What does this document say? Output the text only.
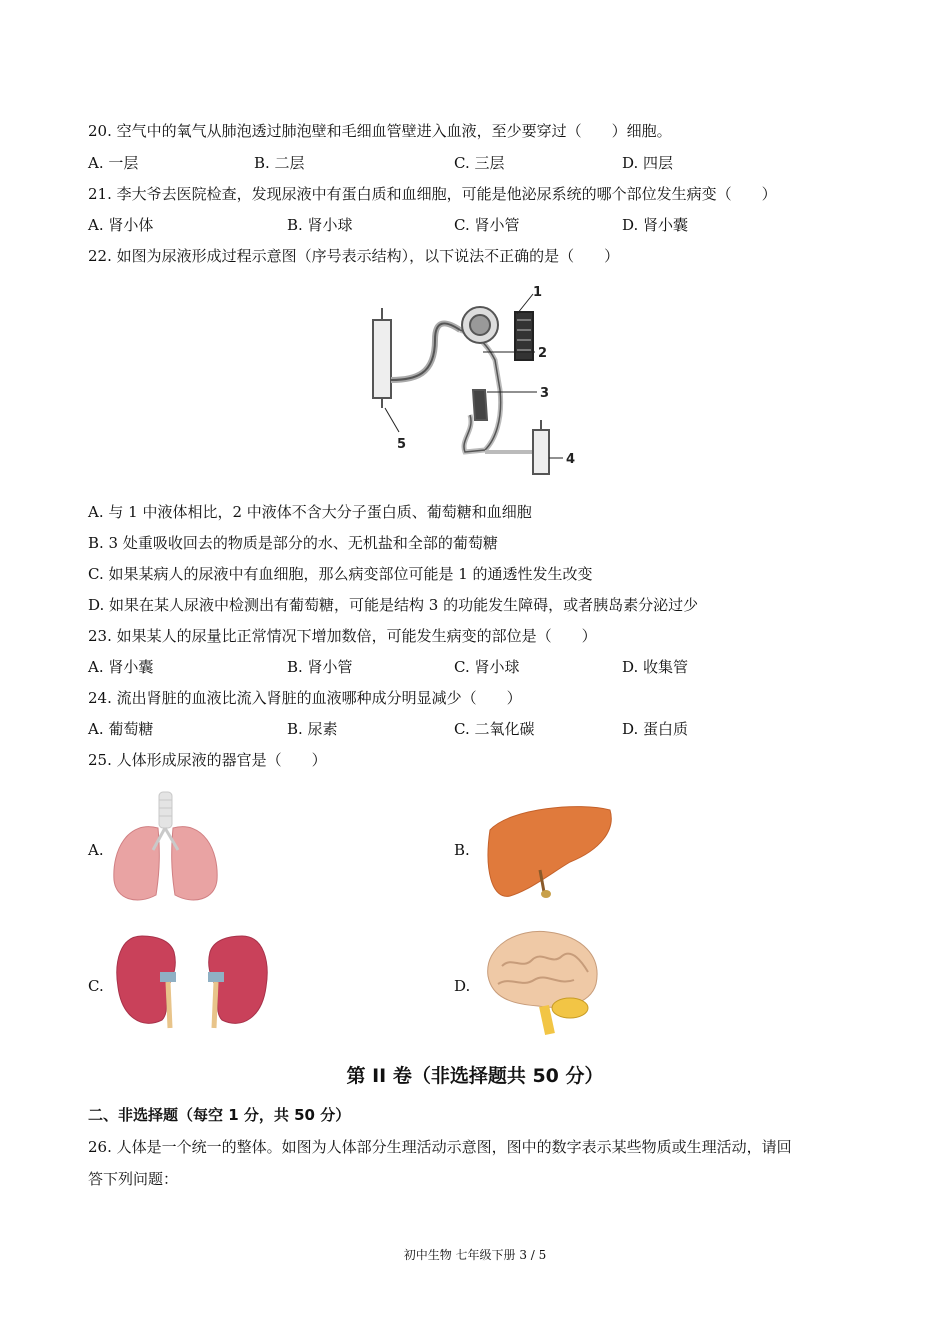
20. 空气中的氧气从肺泡透过肺泡壁和毛细血管壁进入血液，至少要穿过（　　）细胞。
A. 一层	B. 二层	C. 三层	D. 四层
21. 李大爷去医院检查，发现尿液中有蛋白质和血细胞，可能是他泌尿系统的哪个部位发生病变（　　）
A. 肾小体	B. 肾小球	C. 肾小管	D. 肾小囊
22. 如图为尿液形成过程示意图（序号表示结构），以下说法不正确的是（　　）
1
2
3
4
5
A. 与 1 中液体相比，2 中液体不含大分子蛋白质、葡萄糖和血细胞
B. 3 处重吸收回去的物质是部分的水、无机盐和全部的葡萄糖
C. 如果某病人的尿液中有血细胞，那么病变部位可能是 1 的通透性发生改变
D. 如果在某人尿液中检测出有葡萄糖，可能是结构 3 的功能发生障碍，或者胰岛素分泌过少
23. 如果某人的尿量比正常情况下增加数倍，可能发生病变的部位是（　　）
A. 肾小囊	B. 肾小管	C. 肾小球	D. 收集管
24. 流出肾脏的血液比流入肾脏的血液哪种成分明显减少（　　）
A. 葡萄糖	B. 尿素	C. 二氧化碳	D. 蛋白质
25. 人体形成尿液的器官是（　　）
A.	B.
C.	D.
第 II 卷（非选择题共 50 分）
二、非选择题（每空 1 分，共 50 分）
26. 人体是一个统一的整体。如图为人体部分生理活动示意图，图中的数字表示某些物质或生理活动，请回
答下列问题：
初中生物 七年级下册 3 / 5
